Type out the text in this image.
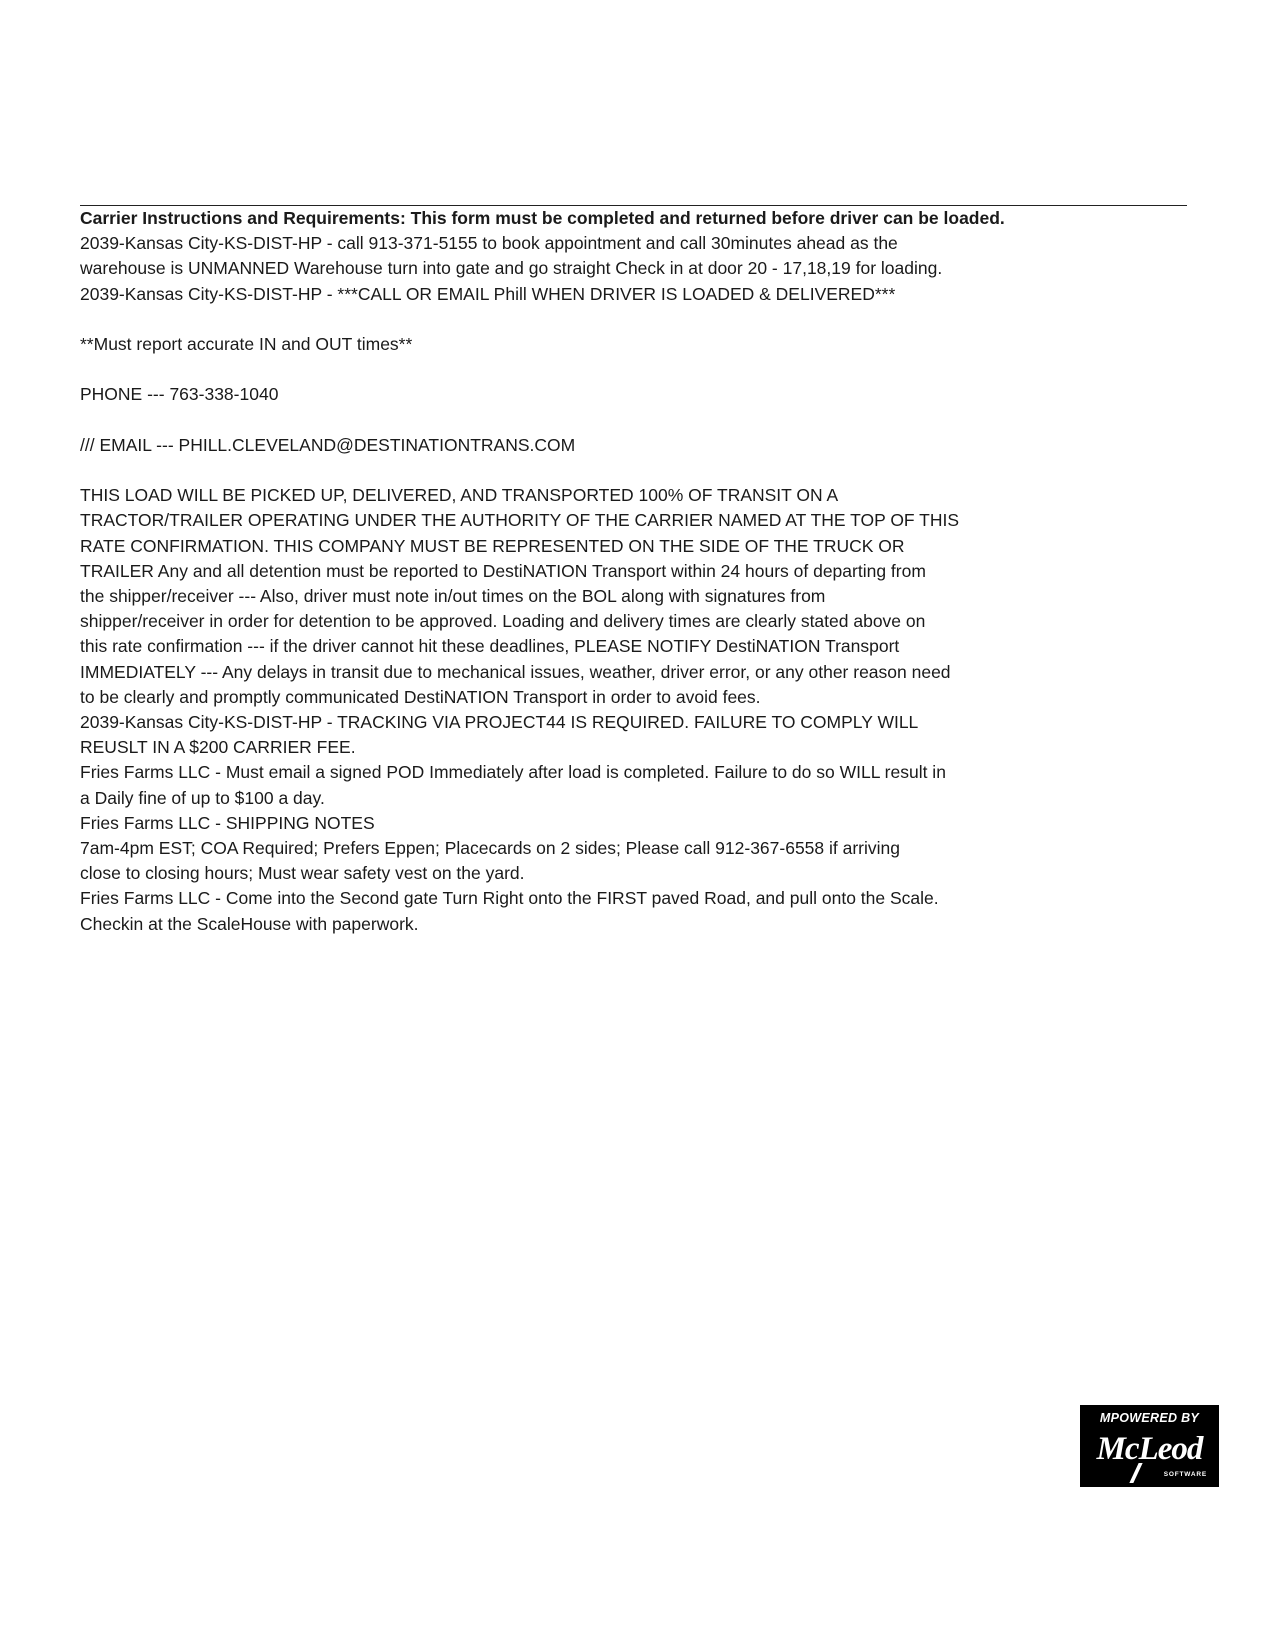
Carrier Instructions and Requirements: This form must be completed and returned before driver can be loaded.

2039-Kansas City-KS-DIST-HP - call 913-371-5155 to book appointment and call 30minutes ahead as the

warehouse is UNMANNED Warehouse turn into gate and go straight Check in at door 20 - 17,18,19 for loading.

2039-Kansas City-KS-DIST-HP - ***CALL OR EMAIL Phill WHEN DRIVER IS LOADED & DELIVERED***

**Must report accurate IN and OUT times**

PHONE --- 763-338-1040

/// EMAIL --- PHILL.CLEVELAND@DESTINATIONTRANS.COM

THIS LOAD WILL BE PICKED UP, DELIVERED, AND TRANSPORTED 100% OF TRANSIT ON A

TRACTOR/TRAILER OPERATING UNDER THE AUTHORITY OF THE CARRIER NAMED AT THE TOP OF THIS

RATE CONFIRMATION. THIS COMPANY MUST BE REPRESENTED ON THE SIDE OF THE TRUCK OR

TRAILER Any and all detention must be reported to DestiNATION Transport within 24 hours of departing from

the shipper/receiver --- Also, driver must note in/out times on the BOL along with signatures from

shipper/receiver in order for detention to be approved. Loading and delivery times are clearly stated above on

this rate confirmation --- if the driver cannot hit these deadlines, PLEASE NOTIFY DestiNATION Transport

IMMEDIATELY --- Any delays in transit due to mechanical issues, weather, driver error, or any other reason need

to be clearly and promptly communicated DestiNATION Transport in order to avoid fees.

2039-Kansas City-KS-DIST-HP - TRACKING VIA PROJECT44 IS REQUIRED. FAILURE TO COMPLY WILL

REUSLT IN A $200 CARRIER FEE.

Fries Farms LLC - Must email a signed POD Immediately after load is completed. Failure to do so WILL result in

a Daily fine of up to $100 a day.

Fries Farms LLC - SHIPPING NOTES

7am-4pm EST; COA Required; Prefers Eppen; Placecards on 2 sides; Please call 912-367-6558 if arriving

close to closing hours; Must wear safety vest on the yard.

Fries Farms LLC - Come into the Second gate Turn Right onto the FIRST paved Road, and pull onto the Scale.

Checkin at the ScaleHouse with paperwork.

MPOWERED BY
McLeod
SOFTWARE
